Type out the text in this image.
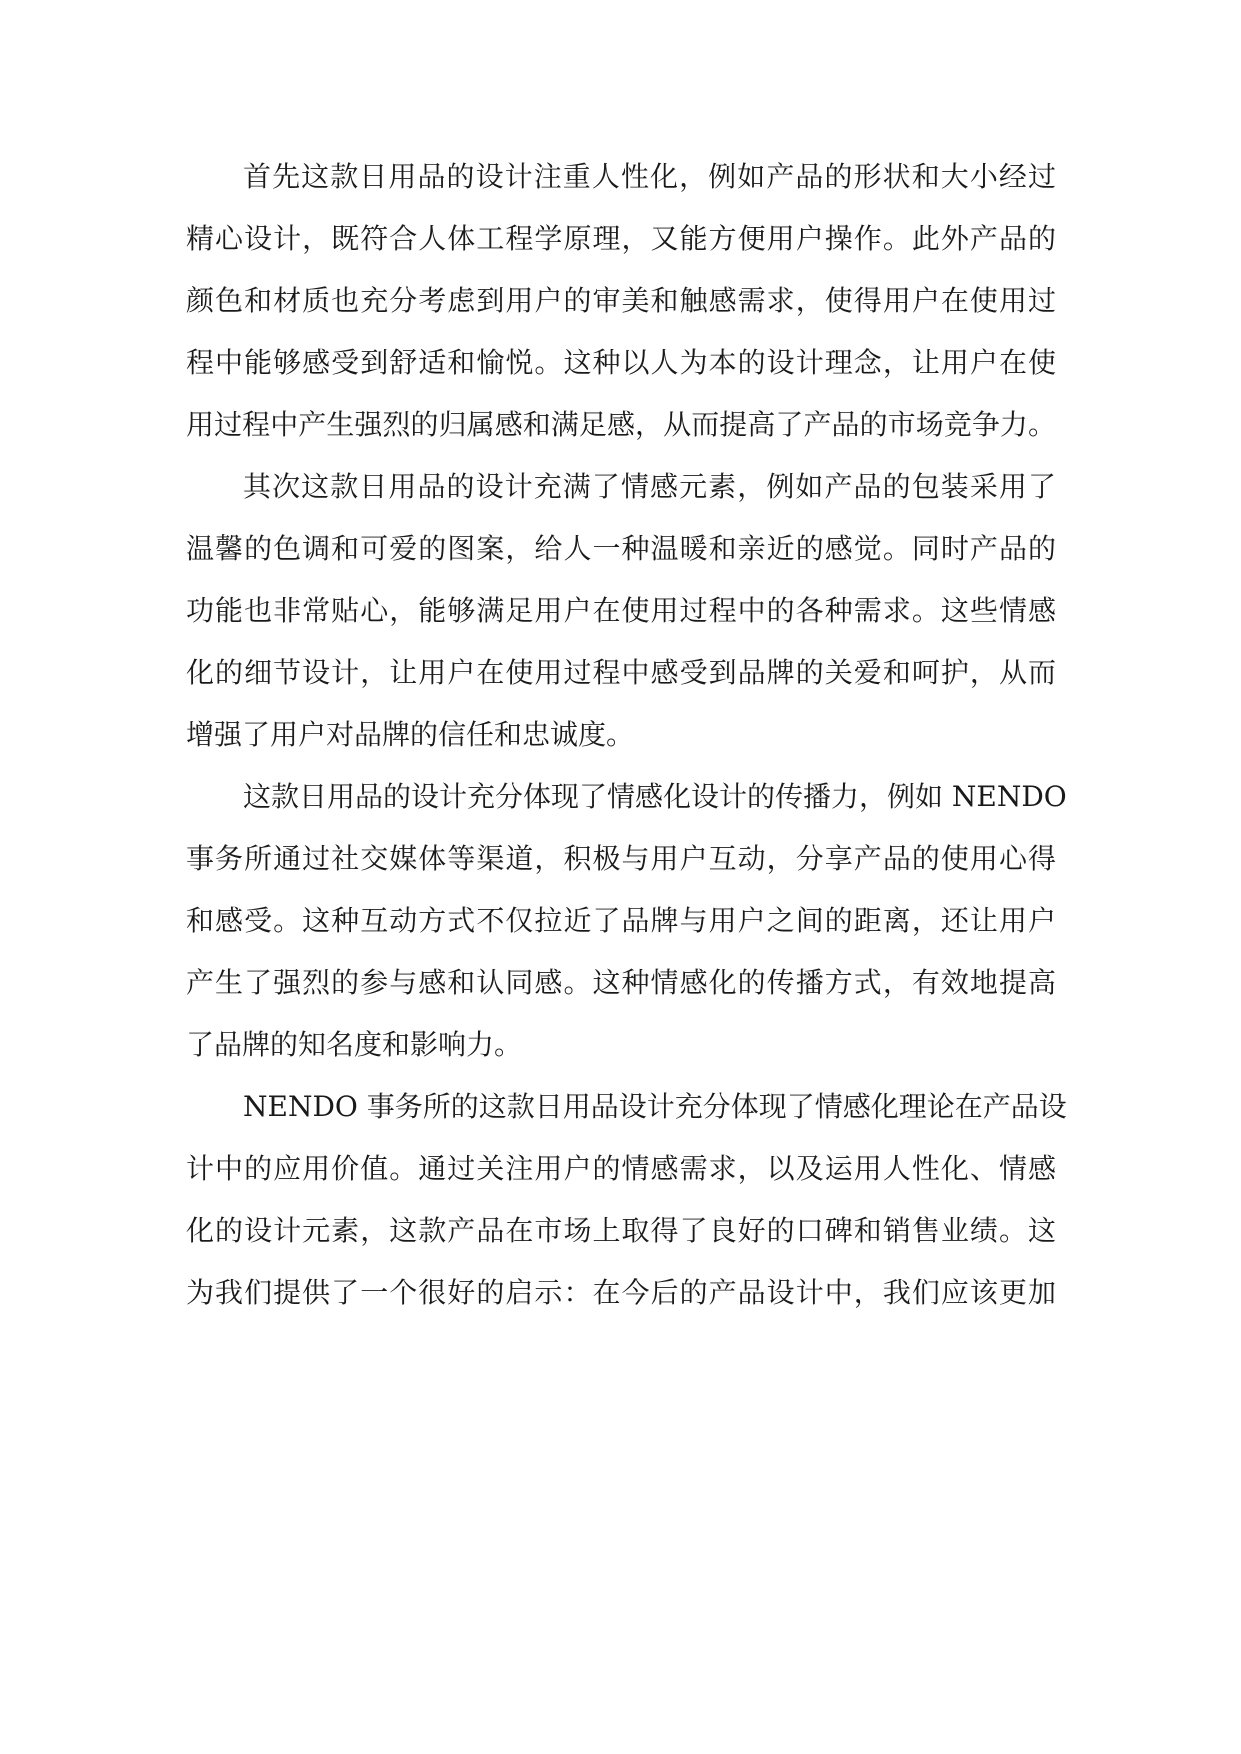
首先这款日用品的设计注重人性化，例如产品的形状和大小经过
精心设计，既符合人体工程学原理，又能方便用户操作。此外产品的
颜色和材质也充分考虑到用户的审美和触感需求，使得用户在使用过
程中能够感受到舒适和愉悦。这种以人为本的设计理念，让用户在使
用过程中产生强烈的归属感和满足感，从而提高了产品的市场竞争力。
其次这款日用品的设计充满了情感元素，例如产品的包装采用了
温馨的色调和可爱的图案，给人一种温暖和亲近的感觉。同时产品的
功能也非常贴心，能够满足用户在使用过程中的各种需求。这些情感
化的细节设计，让用户在使用过程中感受到品牌的关爱和呵护，从而
增强了用户对品牌的信任和忠诚度。
这款日用品的设计充分体现了情感化设计的传播力，例如 NENDO
事务所通过社交媒体等渠道，积极与用户互动，分享产品的使用心得
和感受。这种互动方式不仅拉近了品牌与用户之间的距离，还让用户
产生了强烈的参与感和认同感。这种情感化的传播方式，有效地提高
了品牌的知名度和影响力。
NENDO 事务所的这款日用品设计充分体现了情感化理论在产品设
计中的应用价值。通过关注用户的情感需求，以及运用人性化、情感
化的设计元素，这款产品在市场上取得了良好的口碑和销售业绩。这
为我们提供了一个很好的启示：在今后的产品设计中，我们应该更加
